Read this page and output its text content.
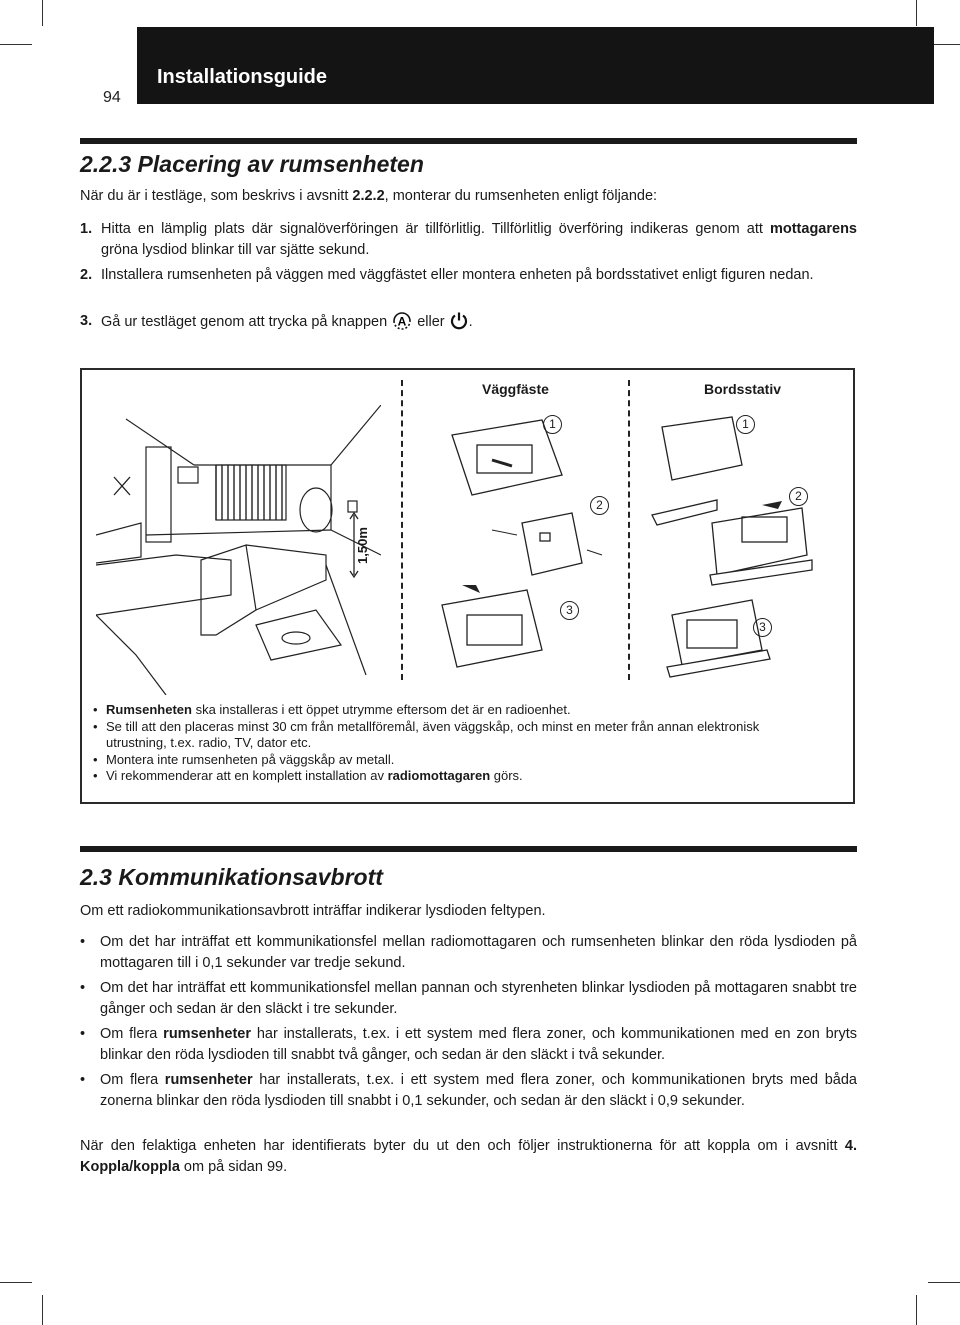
Installationsguide
94
2.2.3 Placering av rumsenheten
När du är i testläge, som beskrivs i avsnitt 2.2.2, monterar du rumsenheten enligt följande:
1. Hitta en lämplig plats där signalöverföringen är tillförlitlig. Tillförlitlig överföring indikeras genom att mottagarens gröna lysdiod blinkar till var sjätte sekund.
2. Ilnstallera rumsenheten på väggen med väggfästet eller montera enheten på bordsstativet enligt figuren nedan.
3. Gå ur testläget genom att trycka på knappen A eller .
Väggfäste	Bordsstativ
1,50m
1
2
3
1
2
3
• Rumsenheten ska installeras i ett öppet utrymme eftersom det är en radioenhet.
• Se till att den placeras minst 30 cm från metallföremål, även väggskåp, och minst en meter från annan elektronisk
utrustning, t.ex. radio, TV, dator etc.
• Montera inte rumsenheten på väggskåp av metall.
• Vi rekommenderar att en komplett installation av radiomottagaren görs.
2.3 Kommunikationsavbrott
Om ett radiokommunikationsavbrott inträffar indikerar lysdioden feltypen.
• Om det har inträffat ett kommunikationsfel mellan radiomottagaren och rumsenheten blinkar den röda lysdioden på mottagaren till i 0,1 sekunder var tredje sekund.
• Om det har inträffat ett kommunikationsfel mellan pannan och styrenheten blinkar lysdioden på mottagaren snabbt tre gånger och sedan är den släckt i tre sekunder.
• Om flera rumsenheter har installerats, t.ex. i ett system med flera zoner, och kommunikationen med en zon bryts blinkar den röda lysdioden till snabbt två gånger, och sedan är den släckt i två sekunder.
• Om flera rumsenheter har installerats, t.ex. i ett system med flera zoner, och kommunikationen bryts med båda zonerna blinkar den röda lysdioden till snabbt i 0,1 sekunder, och sedan är den släckt i 0,9 sekunder.
När den felaktiga enheten har identifierats byter du ut den och följer instruktionerna för att koppla om i avsnitt 4. Koppla/koppla om på sidan 99.
